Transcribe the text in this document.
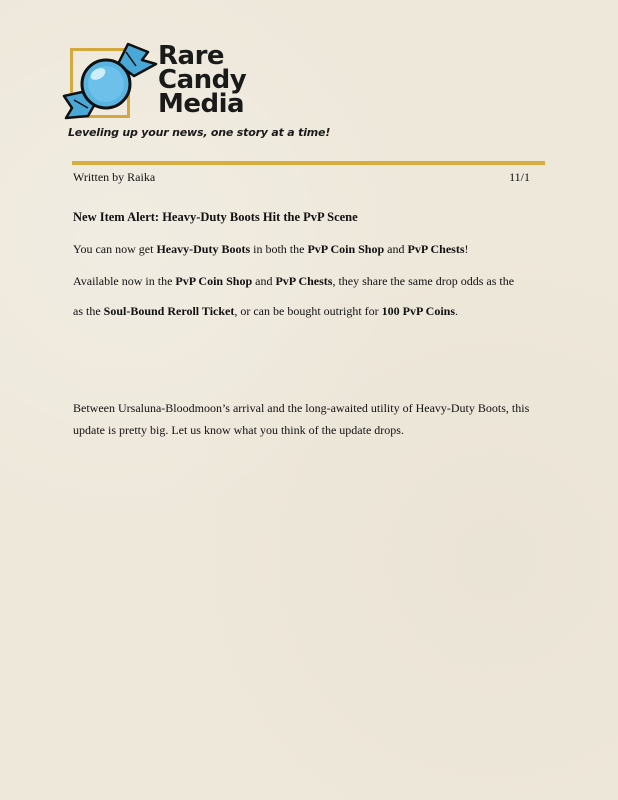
Rare
Candy
Media
Leveling up your news, one story at a time!
Written by Raika	11/1
New Item Alert: Heavy-Duty Boots Hit the PvP Scene
You can now get Heavy-Duty Boots in both the PvP Coin Shop and PvP Chests!
Available now in the PvP Coin Shop and PvP Chests, they share the same drop odds as the
as the Soul-Bound Reroll Ticket, or can be bought outright for 100 PvP Coins.
Between Ursaluna-Bloodmoon’s arrival and the long-awaited utility of Heavy-Duty Boots, this update is pretty big. Let us know what you think of the update drops.
